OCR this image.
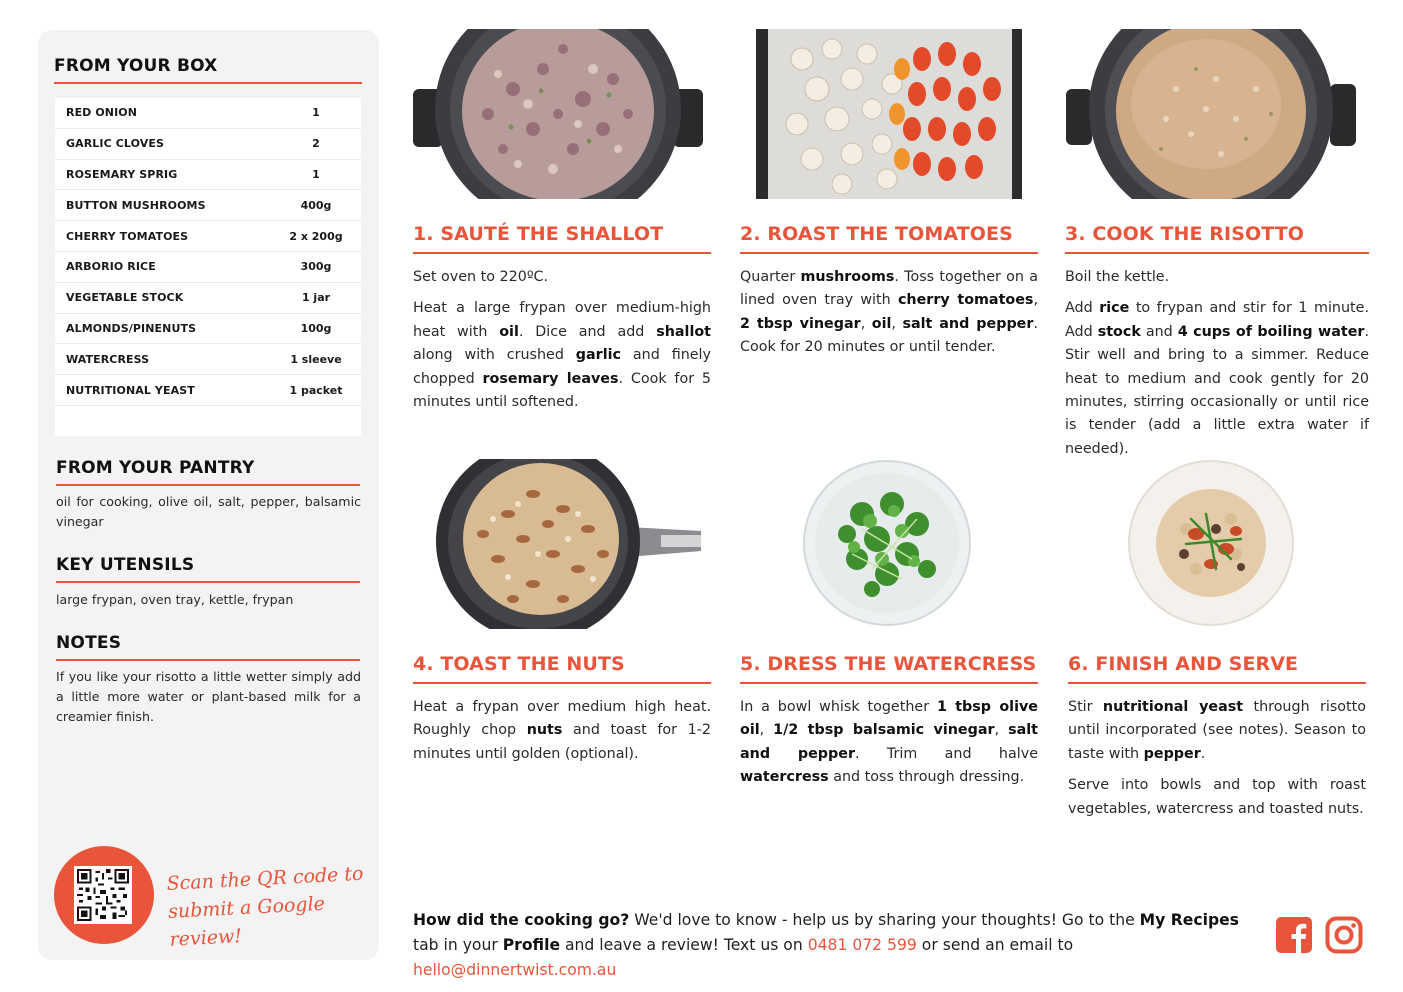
FROM YOUR BOX
RED ONION	1
GARLIC CLOVES	2
ROSEMARY SPRIG	1
BUTTON MUSHROOMS	400g
CHERRY TOMATOES	2 x 200g
ARBORIO RICE	300g
VEGETABLE STOCK	1 jar
ALMONDS/PINENUTS	100g
WATERCRESS	1 sleeve
NUTRITIONAL YEAST	1 packet
FROM YOUR PANTRY
oil for cooking, olive oil, salt, pepper, balsamic vinegar
KEY UTENSILS
large frypan, oven tray, kettle, frypan
NOTES
If you like your risotto a little wetter simply add a little more water or plant-based milk for a creamier finish.
Scan the QR code to
submit a Google review!
1. SAUTÉ THE SHALLOT	2. ROAST THE TOMATOES	3. COOK THE RISOTTO
4. TOAST THE NUTS	5. DRESS THE WATERCRESS 6. FINISH AND SERVE

Set oven to 220ºC.

Heat a large frypan over medium-high heat with oil. Dice and add shallot along with crushed garlic and finely chopped rosemary leaves. Cook for 5 minutes until softened.

Quarter mushrooms. Toss together on a lined oven tray with cherry tomatoes, 2 tbsp vinegar, oil, salt and pepper. Cook for 20 minutes or until tender.

Boil the kettle.

Add rice to frypan and stir for 1 minute. Add stock and 4 cups of boiling water. Stir well and bring to a simmer. Reduce heat to medium and cook gently for 20 minutes, stirring occasionally or until rice is tender (add a little extra water if needed).

Heat a frypan over medium high heat. Roughly chop nuts and toast for 1-2 minutes until golden (optional).

In a bowl whisk together 1 tbsp olive oil, 1/2 tbsp balsamic vinegar, salt and pepper. Trim and halve watercress and toss through dressing.

Stir nutritional yeast through risotto until incorporated (see notes). Season to taste with pepper.

Serve into bowls and top with roast vegetables, watercress and toasted nuts.

How did the cooking go? We'd love to know - help us by sharing your thoughts! Go to the My Recipes tab in your Profile and leave a review! Text us on 0481 072 599 or send an email to hello@dinnertwist.com.au
